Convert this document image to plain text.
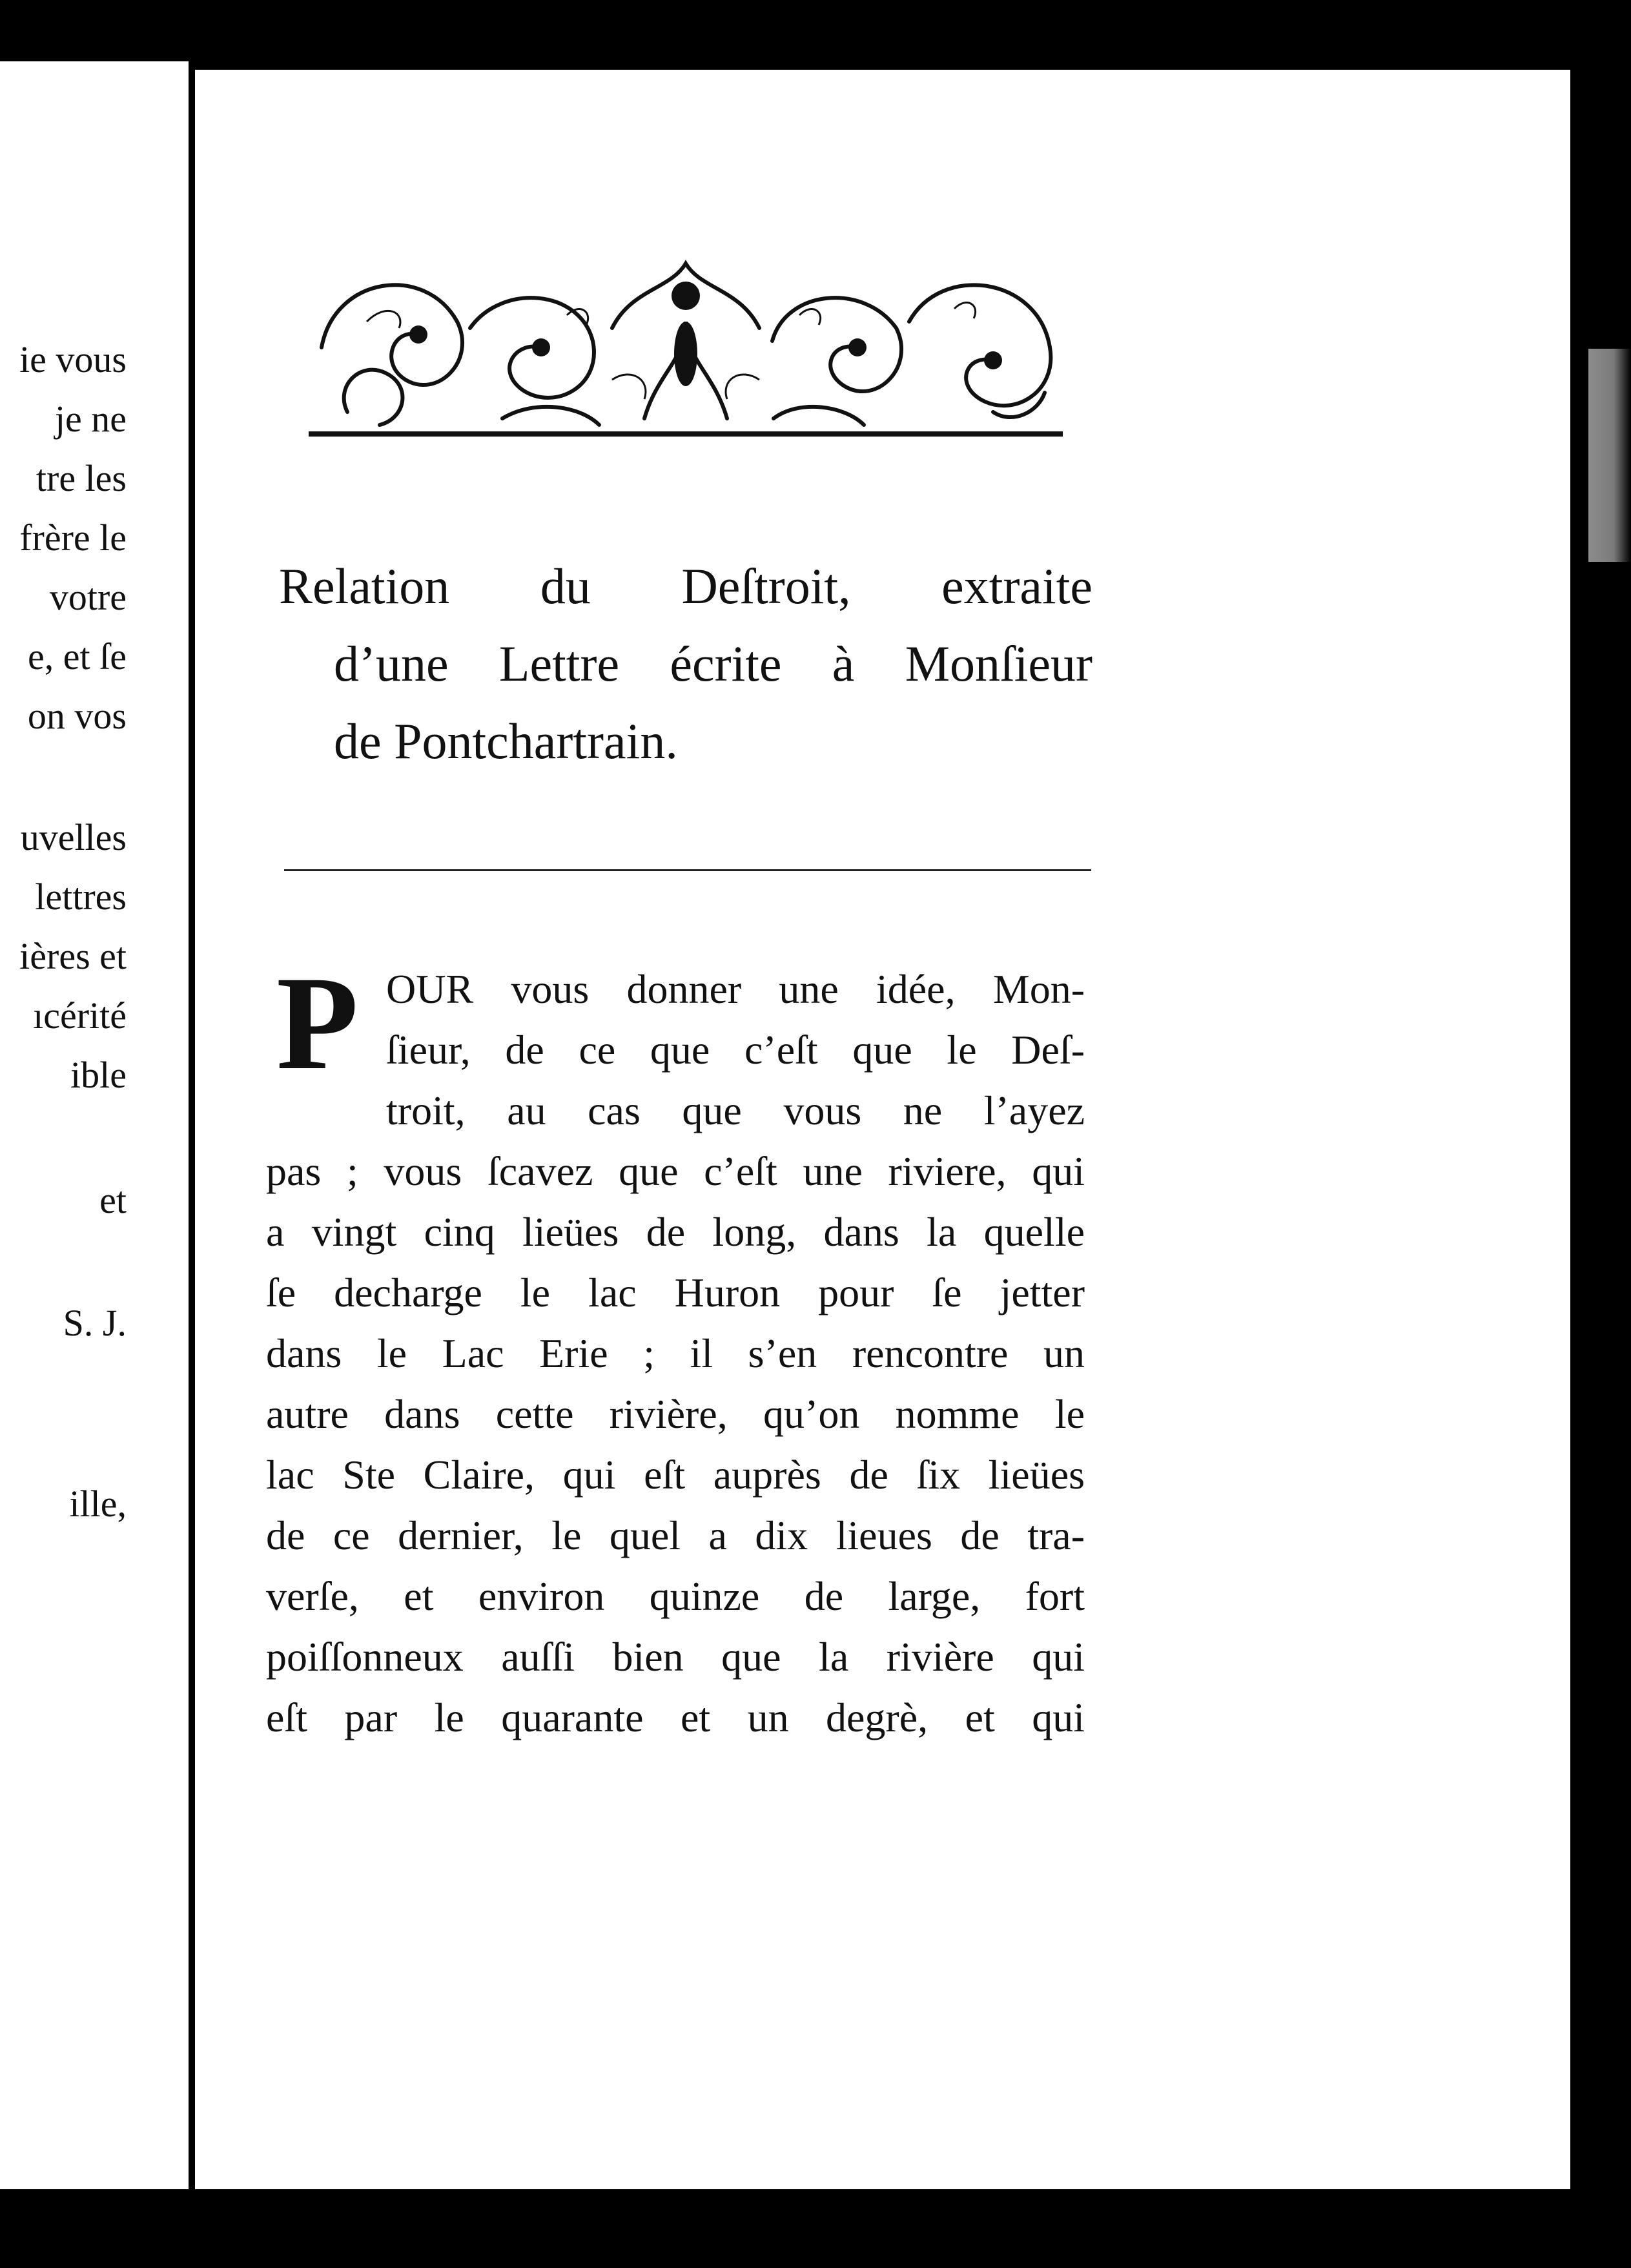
ie vous
je ne
tre les
frère le
votre
e, et ſe
on vos
uvelles
lettres
ières et
ıcérité
ible
et
S. J.
ille,
Relation du Deſtroit, extraite
d’une Lettre écrite à Monſieur
de Pontchartrain.
P OUR vous donner une idée, Mon-
ſieur, de ce que c’eſt que le Deſ-
troit, au cas que vous ne l’ayez
pas ; vous ſcavez que c’eſt une riviere, qui
a vingt cinq lieües de long, dans la quelle
ſe decharge le lac Huron pour ſe jetter
dans le Lac Erie ; il s’en rencontre un
autre dans cette rivière, qu’on nomme le
lac Ste Claire, qui eſt auprès de ſix lieües
de ce dernier, le quel a dix lieues de tra-
verſe, et environ quinze de large, fort
poiſſonneux auſſi bien que la rivière qui
eſt par le quarante et un degrè, et qui
